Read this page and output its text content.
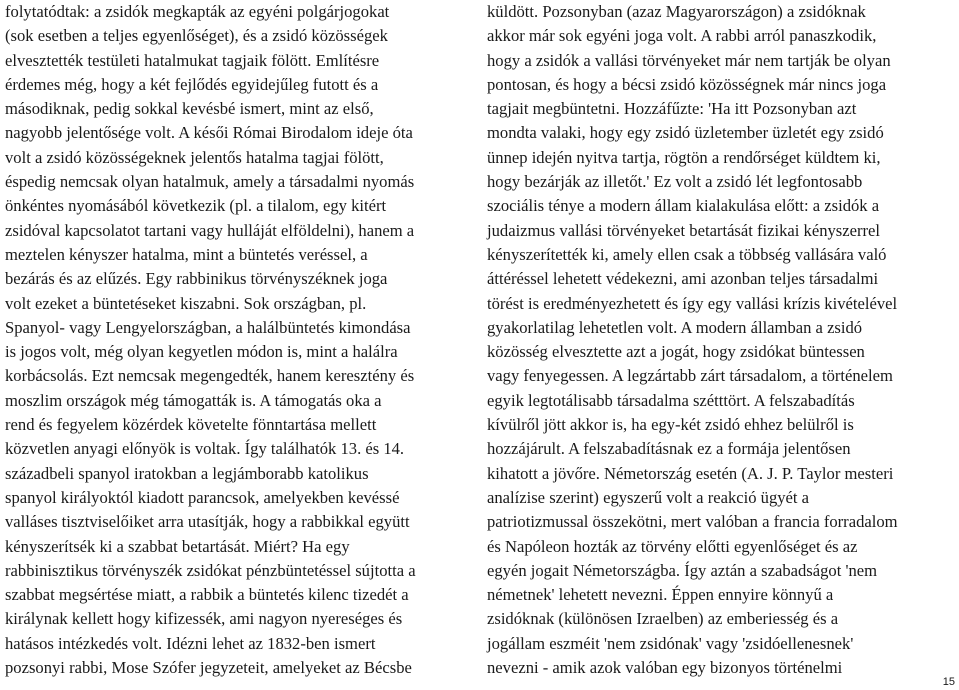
folytatódtak: a zsidók megkapták az egyéni polgárjogokat
(sok esetben a teljes egyenlőséget), és a zsidó közösségek
elvesztették testületi hatalmukat tagjaik fölött. Említésre
érdemes még, hogy a két fejlődés egyidejűleg futott és a
másodiknak, pedig sokkal kevésbé ismert, mint az első,
nagyobb jelentősége volt. A késői Római Birodalom ideje óta
volt a zsidó közösségeknek jelentős hatalma tagjai fölött,
éspedig nemcsak olyan hatalmuk, amely a társadalmi nyomás
önkéntes nyomásából következik (pl. a tilalom, egy kitért
zsidóval kapcsolatot tartani vagy hulláját elföldelni), hanem a
meztelen kényszer hatalma, mint a büntetés veréssel, a
bezárás és az elűzés. Egy rabbinikus törvényszéknek joga
volt ezeket a büntetéseket kiszabni. Sok országban, pl.
Spanyol- vagy Lengyelországban, a halálbüntetés kimondása
is jogos volt, még olyan kegyetlen módon is, mint a halálra
korbácsolás. Ezt nemcsak megengedték, hanem keresztény és
moszlim országok még támogatták is. A támogatás oka a
rend és fegyelem közérdek követelte fönntartása mellett
közvetlen anyagi előnyök is voltak. Így találhatók 13. és 14.
századbeli spanyol iratokban a legjámborabb katolikus
spanyol királyoktól kiadott parancsok, amelyekben kevéssé
valláses tisztviselőiket arra utasítják, hogy a rabbikkal együtt
kényszerítsék ki a szabbat betartását. Miért? Ha egy
rabbinisztikus törvényszék zsidókat pénzbüntetéssel sújtotta a
szabbat megsértése miatt, a rabbik a büntetés kilenc tizedét a
királynak kellett hogy kifizessék, ami nagyon nyereséges és
hatásos intézkedés volt. Idézni lehet az 1832-ben ismert
pozsonyi rabbi, Mose Szófer jegyzeteit, amelyeket az Bécsbe
küldött. Pozsonyban (azaz Magyarországon) a zsidóknak
akkor már sok egyéni joga volt. A rabbi arról panaszkodik,
hogy a zsidók a vallási törvényeket már nem tartják be olyan
pontosan, és hogy a bécsi zsidó közösségnek már nincs joga
tagjait megbüntetni. Hozzáfűzte: 'Ha itt Pozsonyban azt
mondta valaki, hogy egy zsidó üzletember üzletét egy zsidó
ünnep idején nyitva tartja, rögtön a rendőrséget küldtem ki,
hogy bezárják az illetőt.' Ez volt a zsidó lét legfontosabb
szociális ténye a modern állam kialakulása előtt: a zsidók a
judaizmus vallási törvényeket betartását fizikai kényszerrel
kényszerítették ki, amely ellen csak a többség vallására való
áttéréssel lehetett védekezni, ami azonban teljes társadalmi
törést is eredményezhetett és így egy vallási krízis kivételével
gyakorlatilag lehetetlen volt. A modern államban a zsidó
közösség elvesztette azt a jogát, hogy zsidókat büntessen
vagy fenyegessen. A legzártabb zárt társadalom, a történelem
egyik legtotálisabb társadalma szétttört. A felszabadítás
kívülről jött akkor is, ha egy-két zsidó ehhez belülről is
hozzájárult. A felszabadításnak ez a formája jelentősen
kihatott a jövőre. Németország esetén (A. J. P. Taylor mesteri
analízise szerint) egyszerű volt a reakció ügyét a
patriotizmussal összekötni, mert valóban a francia forradalom
és Napóleon hozták az törvény előtti egyenlőséget és az
egyén jogait Németországba. Így aztán a szabadságot 'nem
németnek' lehetett nevezni. Éppen ennyire könnyű a
zsidóknak (különösen Izraelben) az emberiesség és a
jogállam eszméit 'nem zsidónak' vagy 'zsidóellenesnek'
nevezni - amik azok valóban egy bizonyos történelmi
15
